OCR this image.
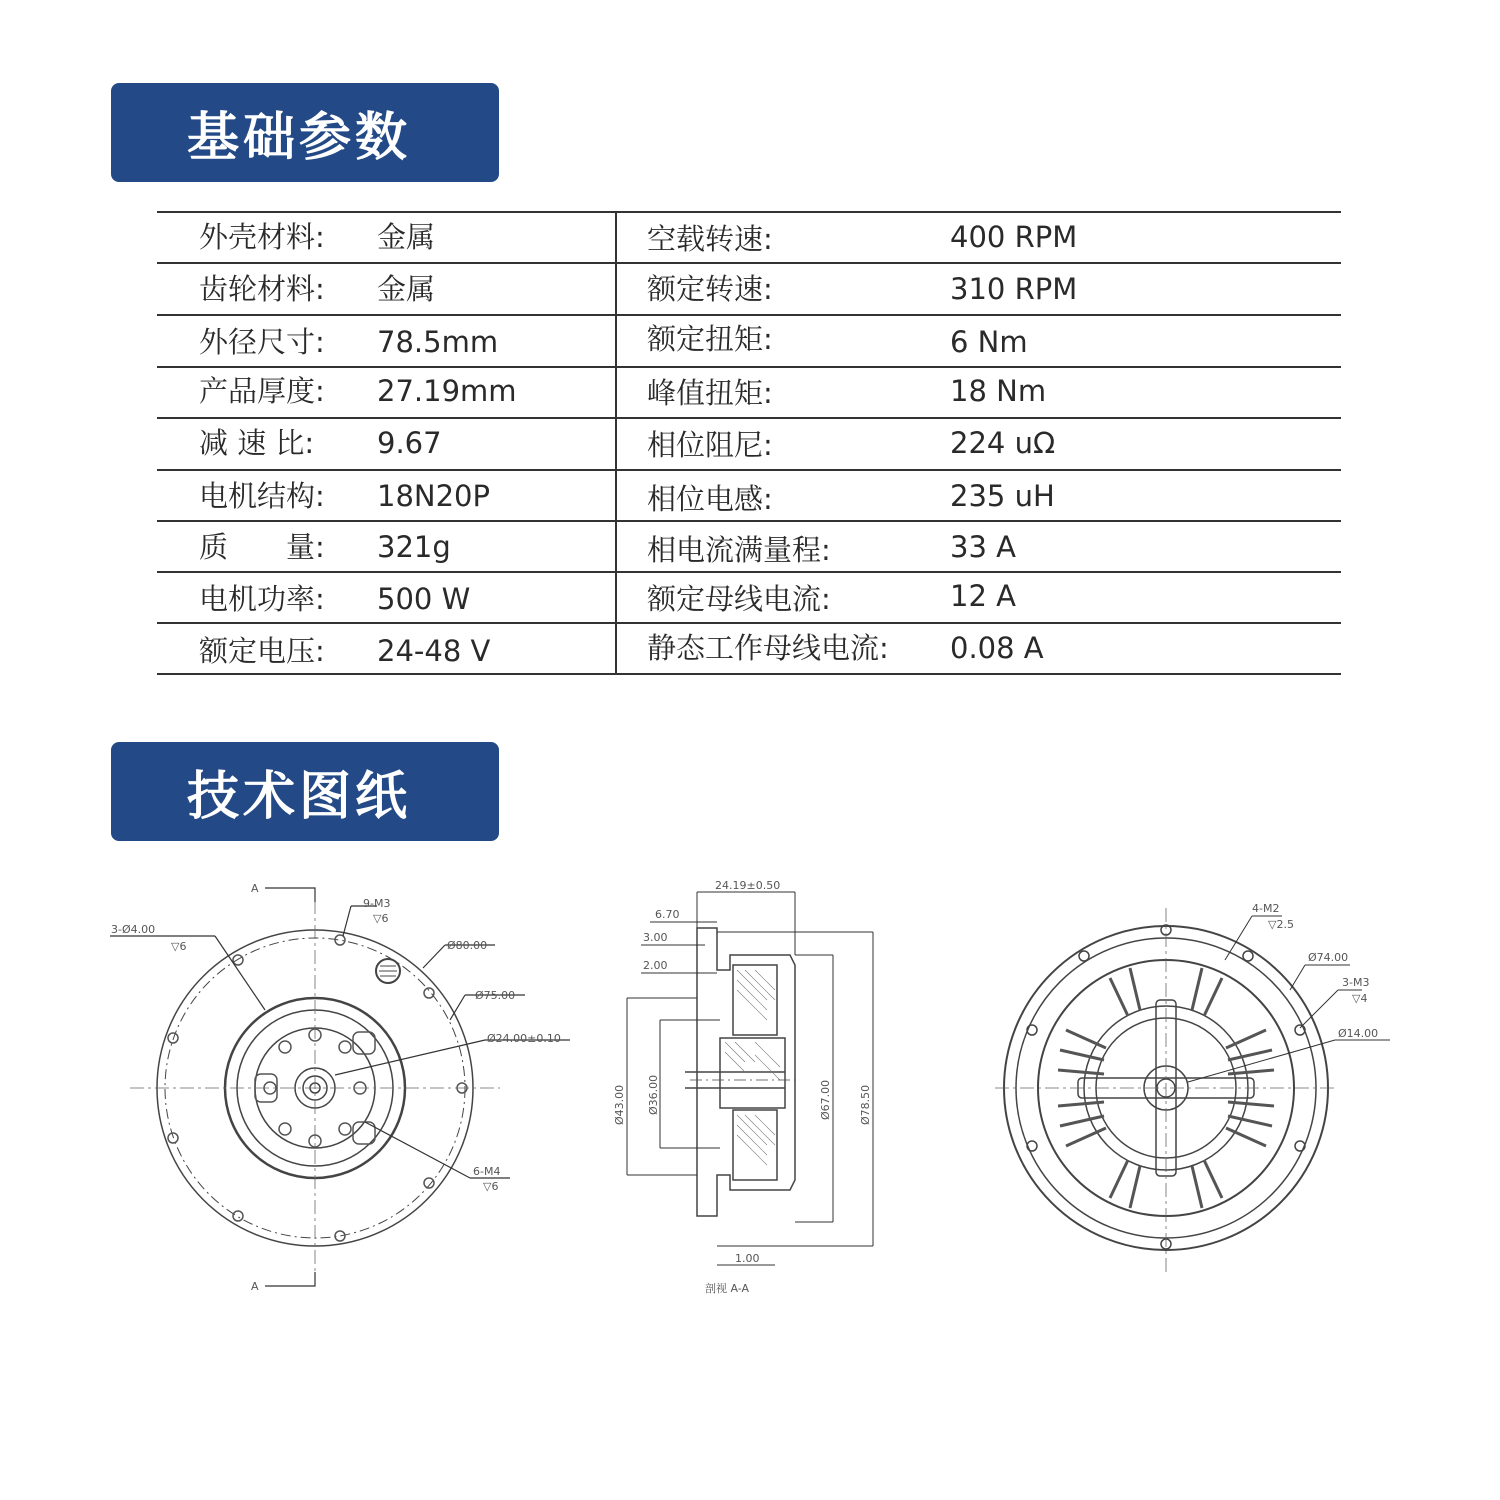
基础参数
外壳材料: 金属	空载转速:	400 RPM
齿轮材料: 金属	额定转速:	310 RPM
外径尺寸: 78.5mm	额定扭矩:	6 Nm
产品厚度: 27.19mm	峰值扭矩:	18 Nm
减 速 比: 9.67	相位阻尼:	224 uΩ
电机结构: 18N20P	相位电感:	235 uH
质　　量: 321g	相电流满量程:	33 A
电机功率: 500 W	额定母线电流:	12 A
额定电压: 24-48 V	静态工作母线电流: 0.08 A
技术图纸
A
A
3-Ø4.00
▽6
9-M3
▽6
Ø80.00
Ø75.00
Ø24.00±0.10
6-M4
▽6
24.19±0.50
6.70
3.00
2.00
Ø43.00 Ø36.00	Ø67.00 Ø78.50
1.00
剖视 A-A
4-M2
▽2.5
Ø74.00
3-M3
▽4
Ø14.00
